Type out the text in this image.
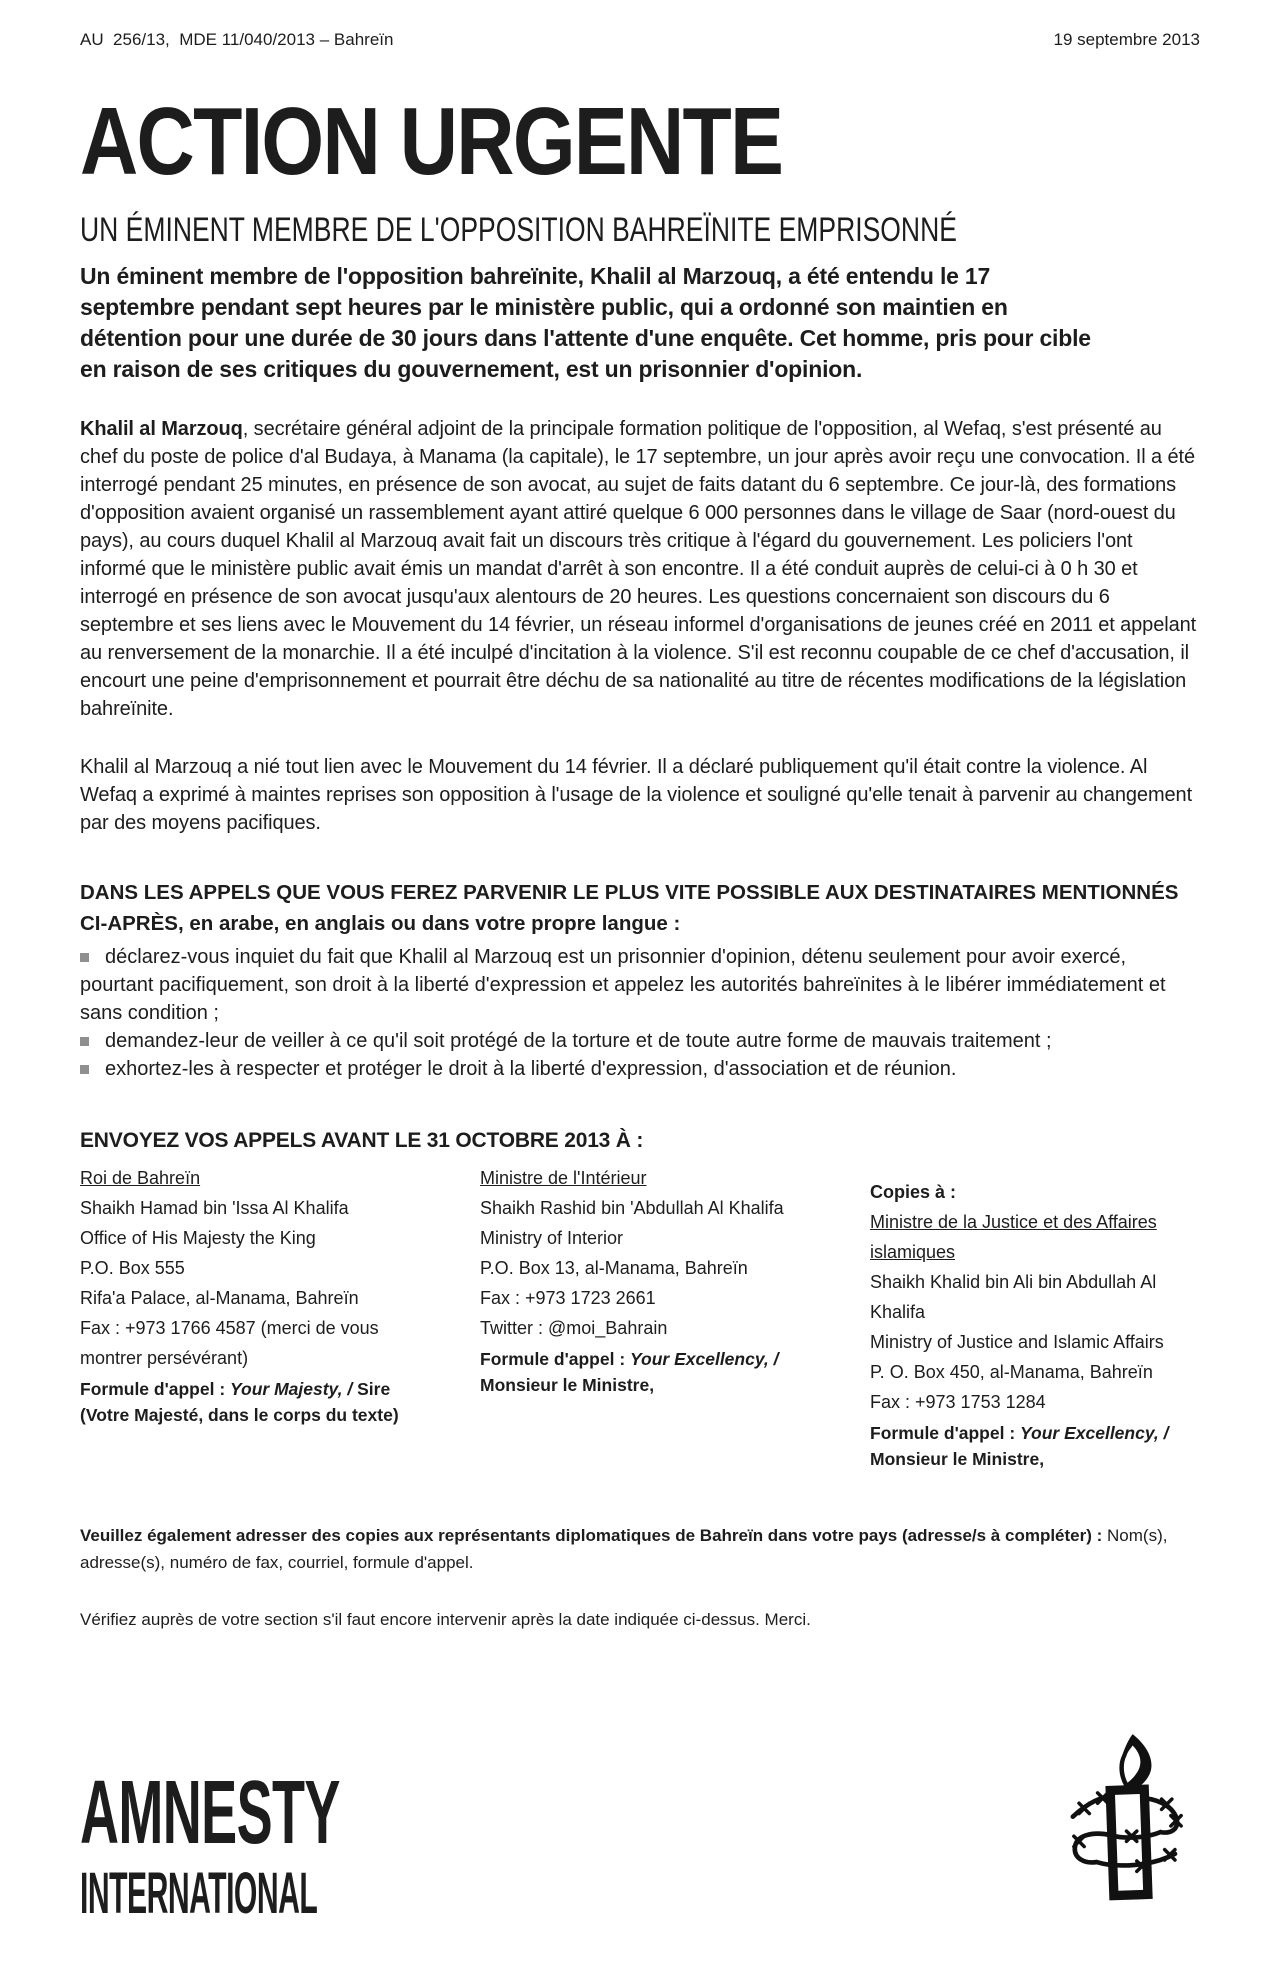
AU  256/13,  MDE 11/040/2013 – Bahreïn	19 septembre 2013
ACTION URGENTE
UN ÉMINENT MEMBRE DE L'OPPOSITION BAHREÏNITE EMPRISONNÉ

Un éminent membre de l'opposition bahreïnite, Khalil al Marzouq, a été entendu le 17 septembre pendant sept heures par le ministère public, qui a ordonné son maintien en détention pour une durée de 30 jours dans l'attente d'une enquête. Cet homme, pris pour cible en raison de ses critiques du gouvernement, est un prisonnier d'opinion.

Khalil al Marzouq, secrétaire général adjoint de la principale formation politique de l'opposition, al Wefaq, s'est présenté au chef du poste de police d'al Budaya, à Manama (la capitale), le 17 septembre, un jour après avoir reçu une convocation. Il a été interrogé pendant 25 minutes, en présence de son avocat, au sujet de faits datant du 6 septembre. Ce jour-là, des formations d'opposition avaient organisé un rassemblement ayant attiré quelque 6 000 personnes dans le village de Saar (nord-ouest du pays), au cours duquel Khalil al Marzouq avait fait un discours très critique à l'égard du gouvernement. Les policiers l'ont informé que le ministère public avait émis un mandat d'arrêt à son encontre. Il a été conduit auprès de celui-ci à 0 h 30 et interrogé en présence de son avocat jusqu'aux alentours de 20 heures. Les questions concernaient son discours du 6 septembre et ses liens avec le Mouvement du 14 février, un réseau informel d'organisations de jeunes créé en 2011 et appelant au renversement de la monarchie. Il a été inculpé d'incitation à la violence. S'il est reconnu coupable de ce chef d'accusation, il encourt une peine d'emprisonnement et pourrait être déchu de sa nationalité au titre de récentes modifications de la législation bahreïnite.

Khalil al Marzouq a nié tout lien avec le Mouvement du 14 février. Il a déclaré publiquement qu'il était contre la violence. Al Wefaq a exprimé à maintes reprises son opposition à l'usage de la violence et souligné qu'elle tenait à parvenir au changement par des moyens pacifiques.

DANS LES APPELS QUE VOUS FEREZ PARVENIR LE PLUS VITE POSSIBLE AUX DESTINATAIRES MENTIONNÉS CI-APRÈS, en arabe, en anglais ou dans votre propre langue :

déclarez-vous inquiet du fait que Khalil al Marzouq est un prisonnier d'opinion, détenu seulement pour avoir exercé, pourtant pacifiquement, son droit à la liberté d'expression et appelez les autorités bahreïnites à le libérer immédiatement et sans condition ;

demandez-leur de veiller à ce qu'il soit protégé de la torture et de toute autre forme de mauvais traitement ;

exhortez-les à respecter et protéger le droit à la liberté d'expression, d'association et de réunion.

ENVOYEZ VOS APPELS AVANT LE 31 OCTOBRE 2013 À :
Roi de Bahreïn
Shaikh Hamad bin 'Issa Al Khalifa
Office of His Majesty the King
P.O. Box 555
Rifa'a Palace, al-Manama, Bahreïn
Fax : +973 1766 4587 (merci de vous montrer persévérant)
Formule d'appel : Your Majesty, / Sire (Votre Majesté, dans le corps du texte)
Ministre de l'Intérieur
Shaikh Rashid bin 'Abdullah Al Khalifa
Ministry of Interior
P.O. Box 13, al-Manama, Bahreïn
Fax : +973 1723 2661
Twitter : @moi_Bahrain
Formule d'appel : Your Excellency, / Monsieur le Ministre,
Copies à :
Ministre de la Justice et des Affaires islamiques
Shaikh Khalid bin Ali bin Abdullah Al Khalifa
Ministry of Justice and Islamic Affairs
P. O. Box 450, al-Manama, Bahreïn
Fax : +973 1753 1284
Formule d'appel : Your Excellency, / Monsieur le Ministre,

Veuillez également adresser des copies aux représentants diplomatiques de Bahreïn dans votre pays (adresse/s à compléter) : Nom(s), adresse(s), numéro de fax, courriel, formule d'appel.

Vérifiez auprès de votre section s'il faut encore intervenir après la date indiquée ci-dessus. Merci.

AMNESTY
INTERNATIONAL
